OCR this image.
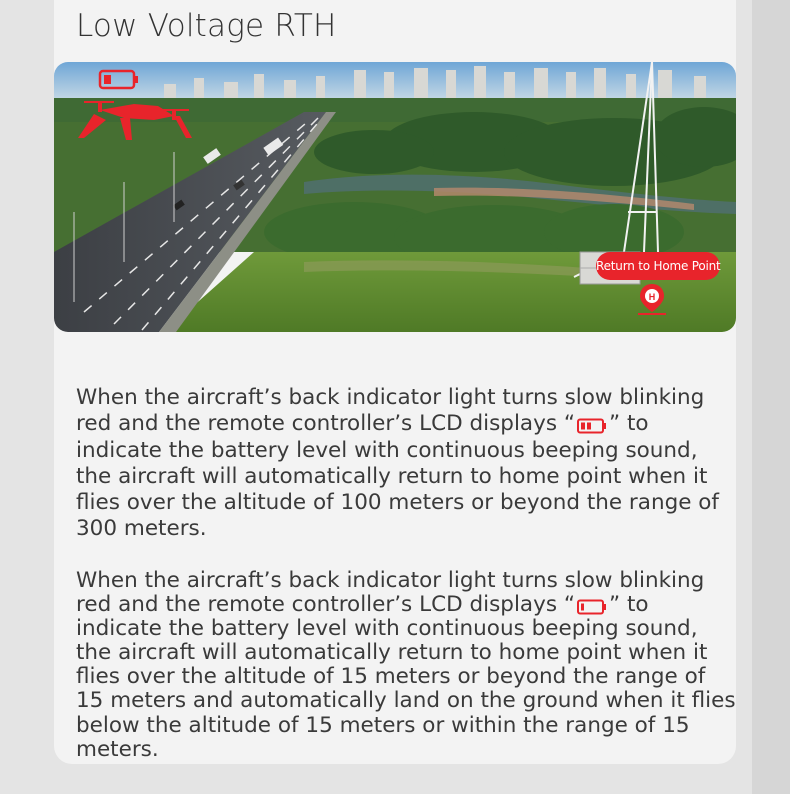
Low Voltage RTH
H
Return to Home Point
When the aircraft’s back indicator light turns slow blinking red and the remote controller’s LCD displays “ ” to indicate the battery level with continuous beeping sound, the aircraft will automatically return to home point when it flies over the altitude of 100 meters or beyond the range of 300 meters.
When the aircraft’s back indicator light turns slow blinking red and the remote controller’s LCD displays “ ” to indicate the battery level with continuous beeping sound, the aircraft will automatically return to home point when it flies over the altitude of 15 meters or beyond the range of 15 meters and automatically land on the ground when it flies below the altitude of 15 meters or within the range of 15 meters.
